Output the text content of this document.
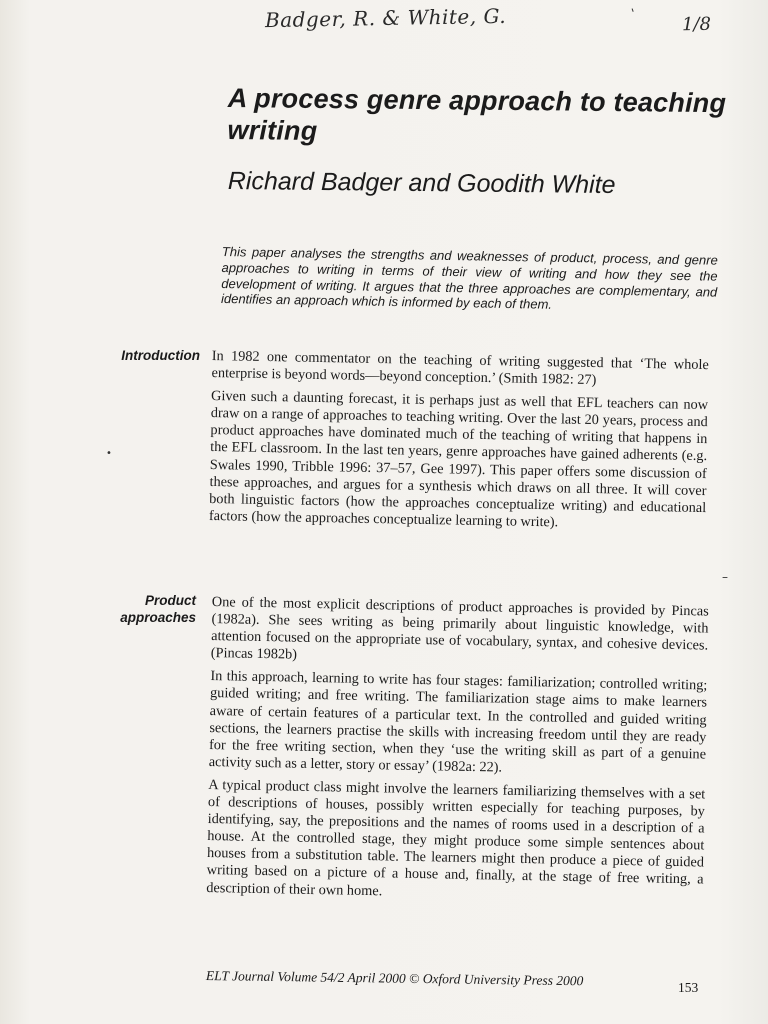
Badger, R. & White, G.	'
1/8
A process genre approach to teaching writing
Richard Badger and Goodith White
This paper analyses the strengths and weaknesses of product, process, and genre approaches to writing in terms of their view of writing and how they see the development of writing. It argues that the three approaches are complementary, and identifies an approach which is informed by each of them.
Introduction In 1982 one commentator on the teaching of writing suggested that ‘The whole enterprise is beyond words—beyond conception.’ (Smith 1982: 27)

Given such a daunting forecast, it is perhaps just as well that EFL teachers can now draw on a range of approaches to teaching writing. Over the last 20 years, process and product approaches have dominated much of the teaching of writing that happens in the EFL classroom. In the last ten years, genre approaches have gained adherents (e.g. Swales 1990, Tribble 1996: 37–57, Gee 1997). This paper offers some discussion of these approaches, and argues for a synthesis which draws on all three. It will cover both linguistic factors (how the approaches conceptualize writing) and educational factors (how the approaches conceptualize learning to write).

•
–
Product
approaches One of the most explicit descriptions of product approaches is provided by Pincas (1982a). She sees writing as being primarily about linguistic knowledge, with attention focused on the appropriate use of vocabulary, syntax, and cohesive devices. (Pincas 1982b)

In this approach, learning to write has four stages: familiarization; controlled writing; guided writing; and free writing. The familiarization stage aims to make learners aware of certain features of a particular text. In the controlled and guided writing sections, the learners practise the skills with increasing freedom until they are ready for the free writing section, when they ‘use the writing skill as part of a genuine activity such as a letter, story or essay’ (1982a: 22).

A typical product class might involve the learners familiarizing themselves with a set of descriptions of houses, possibly written especially for teaching purposes, by identifying, say, the prepositions and the names of rooms used in a description of a house. At the controlled stage, they might produce some simple sentences about houses from a substitution table. The learners might then produce a piece of guided writing based on a picture of a house and, finally, at the stage of free writing, a description of their own home.

ELT Journal Volume 54/2 April 2000 © Oxford University Press 2000	153
